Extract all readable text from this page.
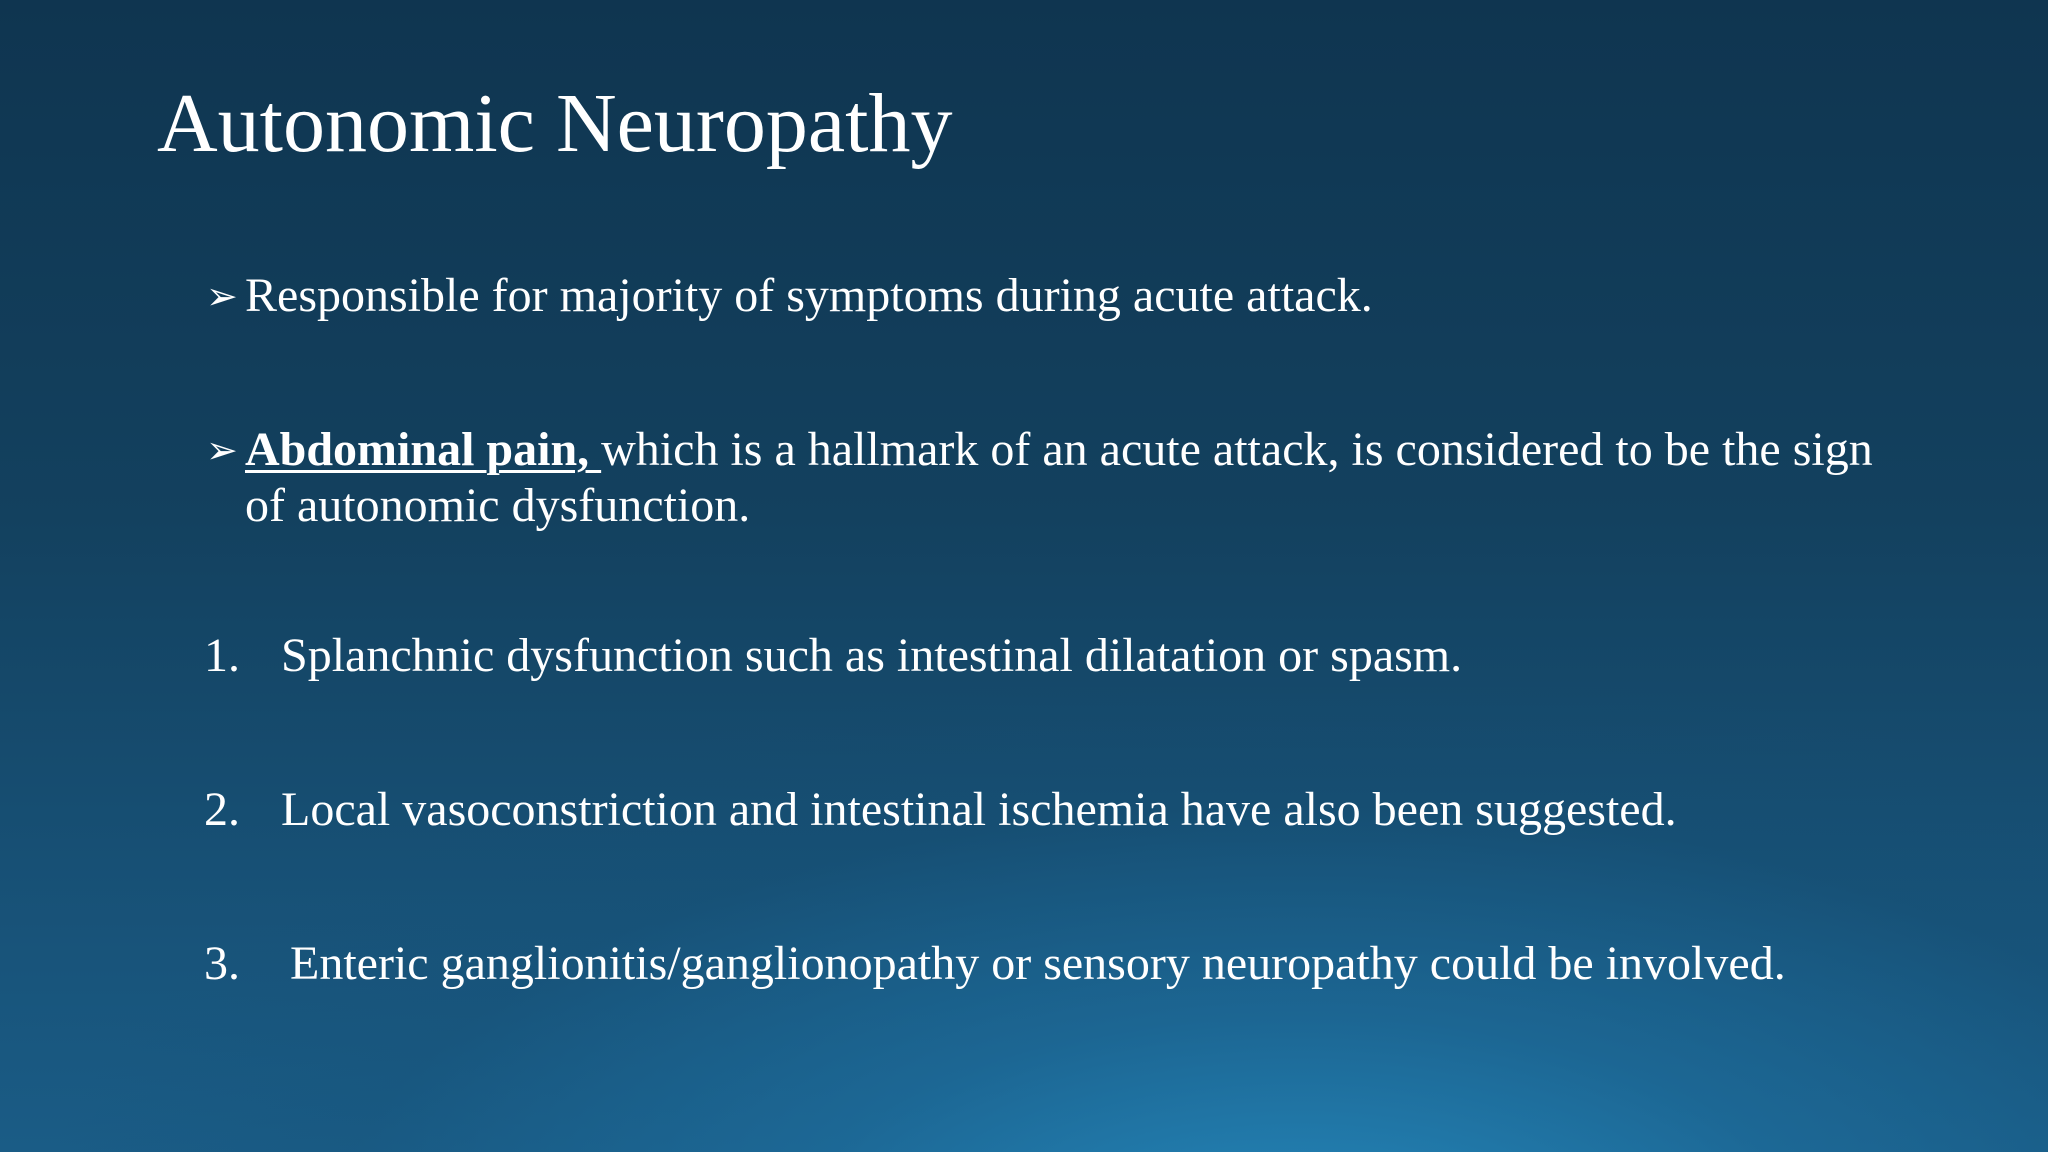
Autonomic Neuropathy
➢ Responsible for majority of symptoms during acute attack.
➢ Abdominal pain, which is a hallmark of an acute attack, is considered to be the sign of autonomic dysfunction.
1. Splanchnic dysfunction such as intestinal dilatation or spasm.
2. Local vasoconstriction and intestinal ischemia have also been suggested.
3.	Enteric ganglionitis/ganglionopathy or sensory neuropathy could be involved.
